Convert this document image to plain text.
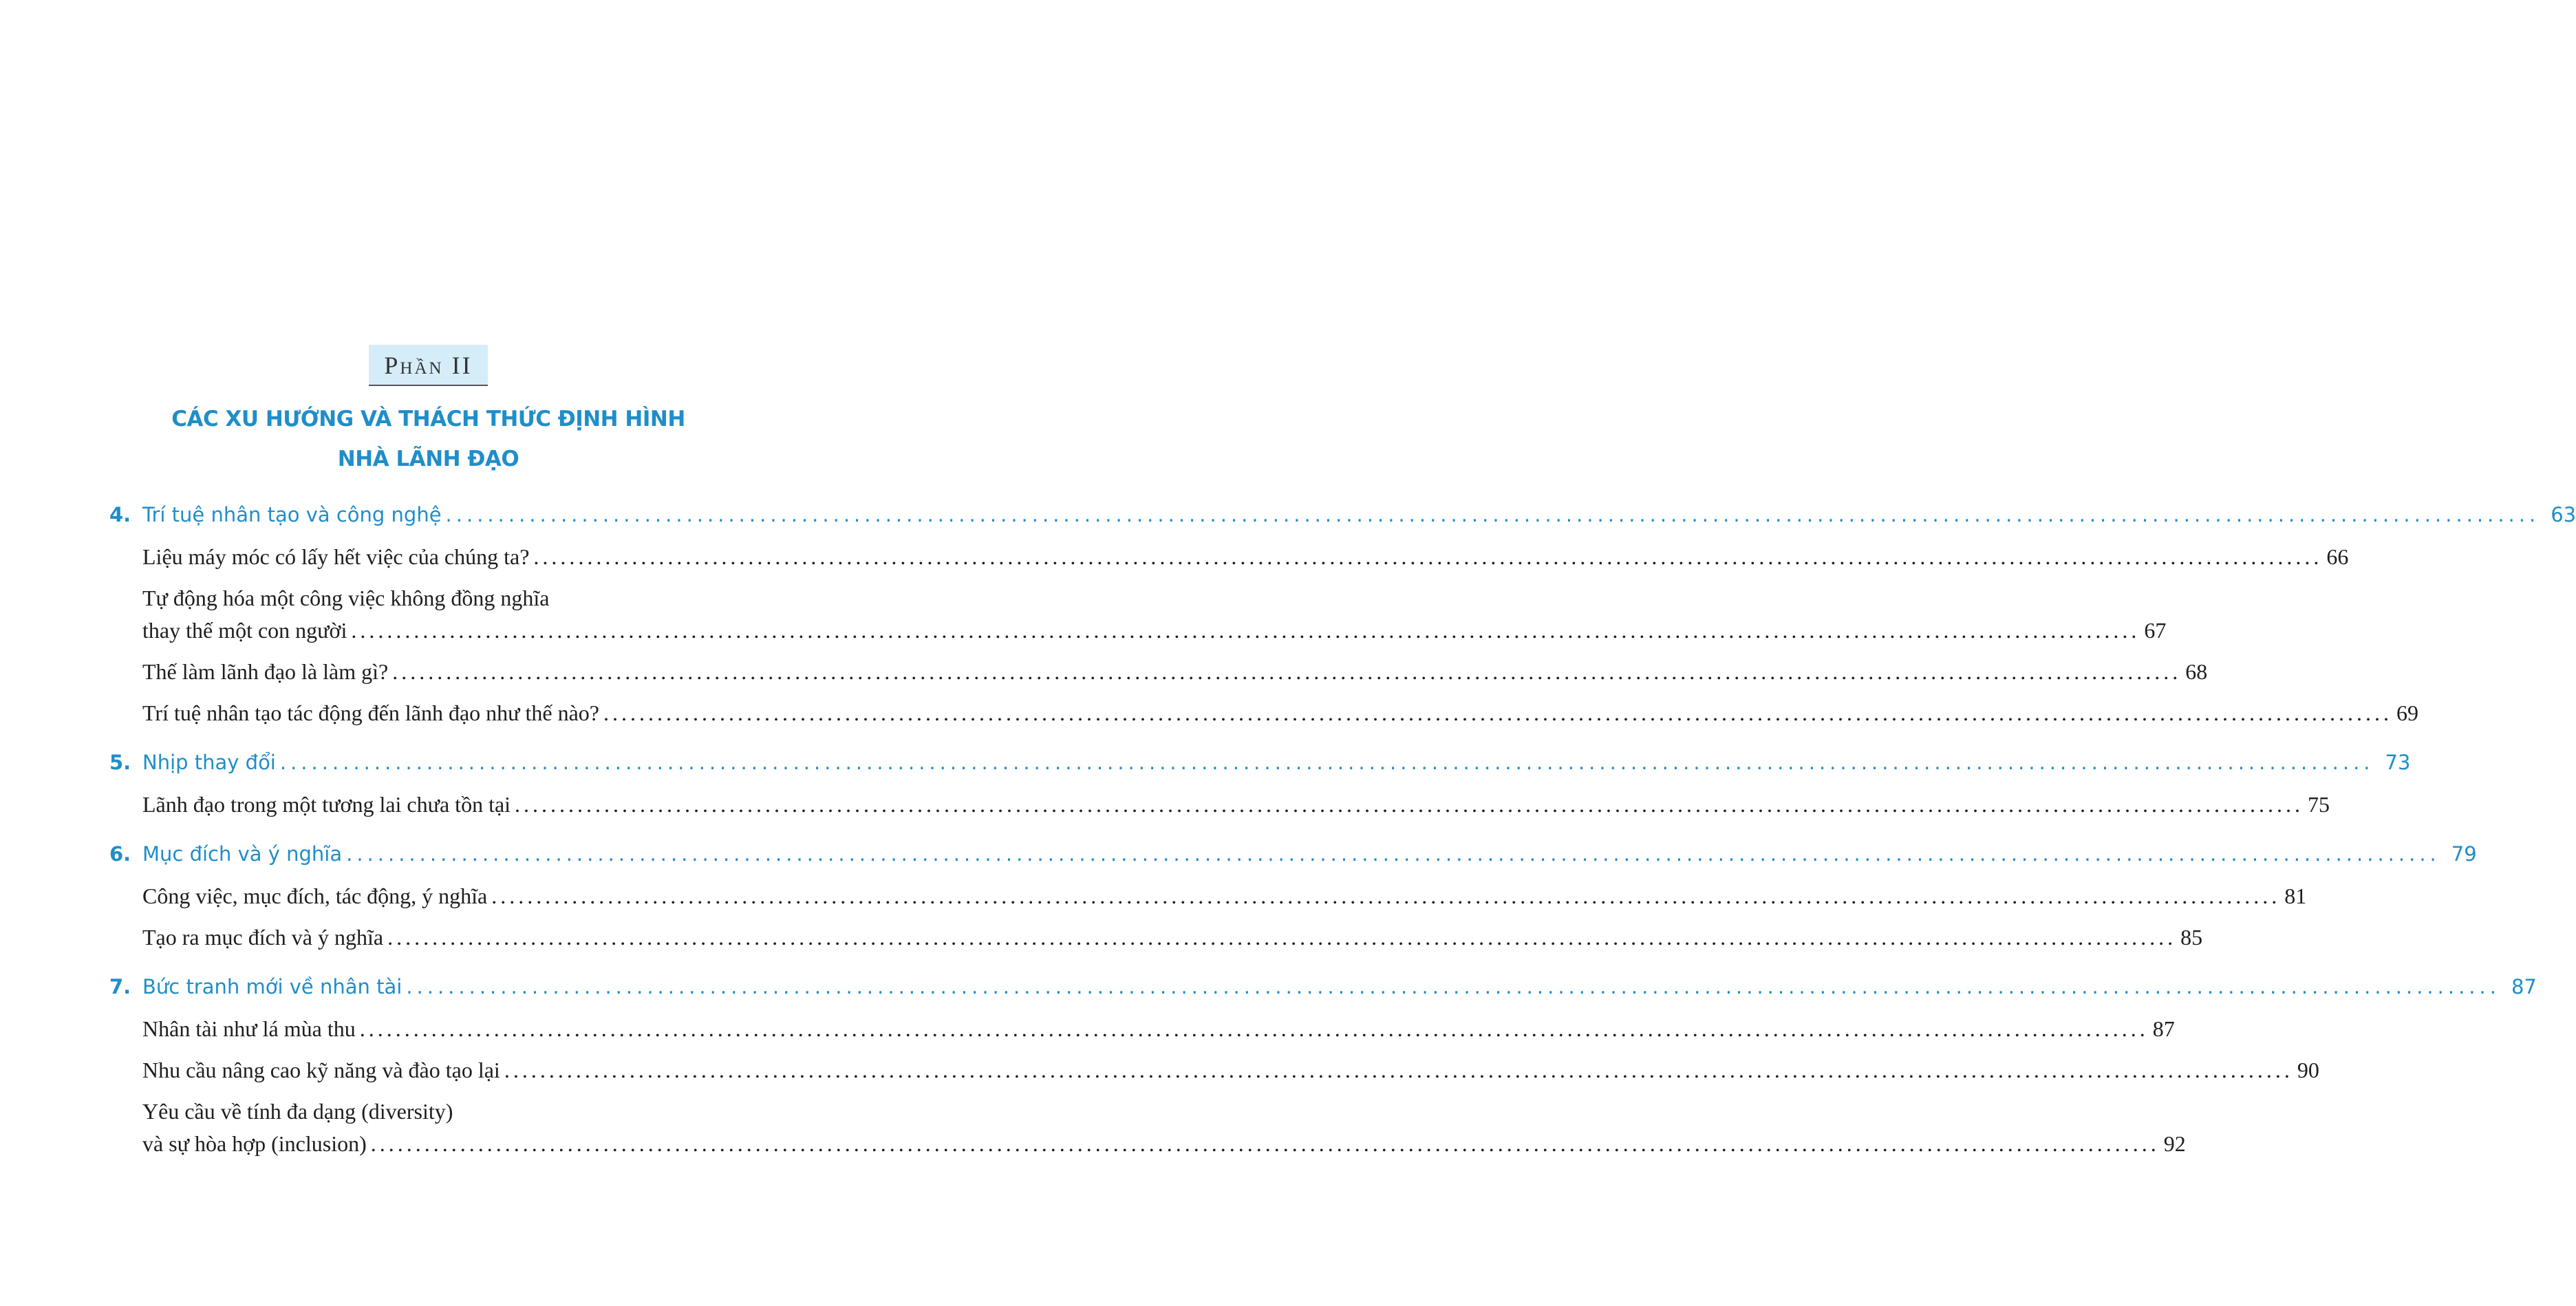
Phần II
CÁC XU HƯỚNG VÀ THÁCH THỨC ĐỊNH HÌNH
NHÀ LÃNH ĐẠO
4. Trí tuệ nhân tạo và công nghệ ........................................................................................................................................................................................................ 63
Liệu máy móc có lấy hết việc của chúng ta? ........................................................................................................................................................................................................ 66
Tự động hóa một công việc không đồng nghĩa
thay thế một con người ........................................................................................................................................................................................................ 67
Thế làm lãnh đạo là làm gì? ........................................................................................................................................................................................................ 68
Trí tuệ nhân tạo tác động đến lãnh đạo như thế nào? ........................................................................................................................................................................................................ 69
5. Nhịp thay đổi ........................................................................................................................................................................................................ 73
Lãnh đạo trong một tương lai chưa tồn tại ........................................................................................................................................................................................................ 75
6. Mục đích và ý nghĩa ........................................................................................................................................................................................................ 79
Công việc, mục đích, tác động, ý nghĩa ........................................................................................................................................................................................................ 81
Tạo ra mục đích và ý nghĩa ........................................................................................................................................................................................................ 85
7. Bức tranh mới về nhân tài ........................................................................................................................................................................................................ 87
Nhân tài như lá mùa thu ........................................................................................................................................................................................................ 87
Nhu cầu nâng cao kỹ năng và đào tạo lại ........................................................................................................................................................................................................ 90
Yêu cầu về tính đa dạng (diversity)
và sự hòa hợp (inclusion) ........................................................................................................................................................................................................ 92
